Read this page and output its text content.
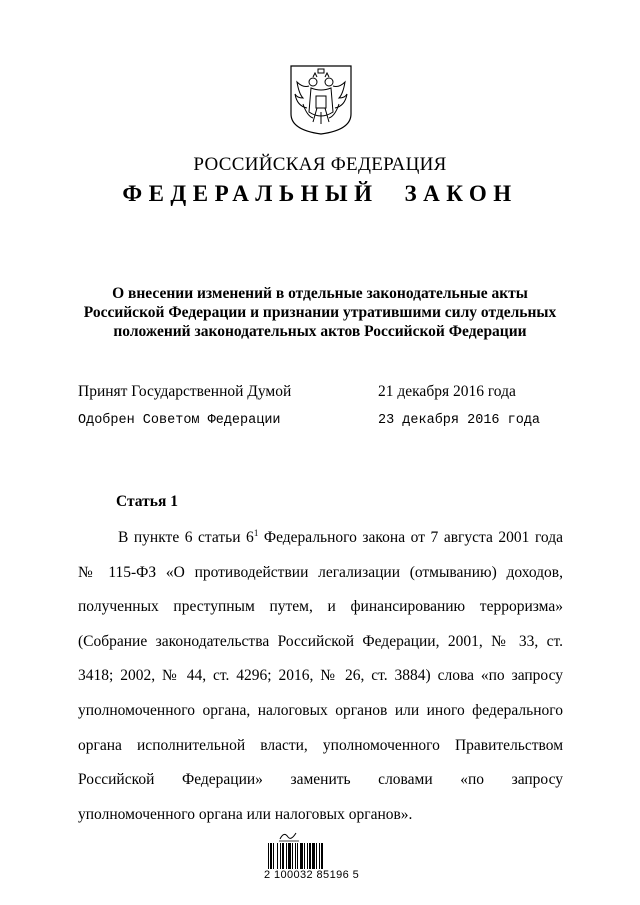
РОССИЙСКАЯ ФЕДЕРАЦИЯ
ФЕДЕРАЛЬНЫЙ ЗАКОН
О внесении изменений в отдельные законодательные акты
Российской Федерации и признании утратившими силу отдельных
положений законодательных актов Российской Федерации
Принят Государственной Думой	21 декабря 2016 года
Одобрен Советом Федерации	23 декабря 2016 года
Статья 1
В пункте 6 статьи $6^1$ Федерального закона от 7 августа 2001 года № 115-ФЗ «О противодействии легализации (отмыванию) доходов, полученных преступным путем, и финансированию терроризма» (Собрание законодательства Российской Федерации, 2001, № 33, ст. 3418; 2002, № 44, ст. 4296; 2016, № 26, ст. 3884) слова «по запросу уполномоченного органа, налоговых органов или иного федерального органа исполнительной власти, уполномоченного Правительством Российской Федерации» заменить словами «по запросу уполномоченного органа или налоговых органов».
2 100032 85196 5
